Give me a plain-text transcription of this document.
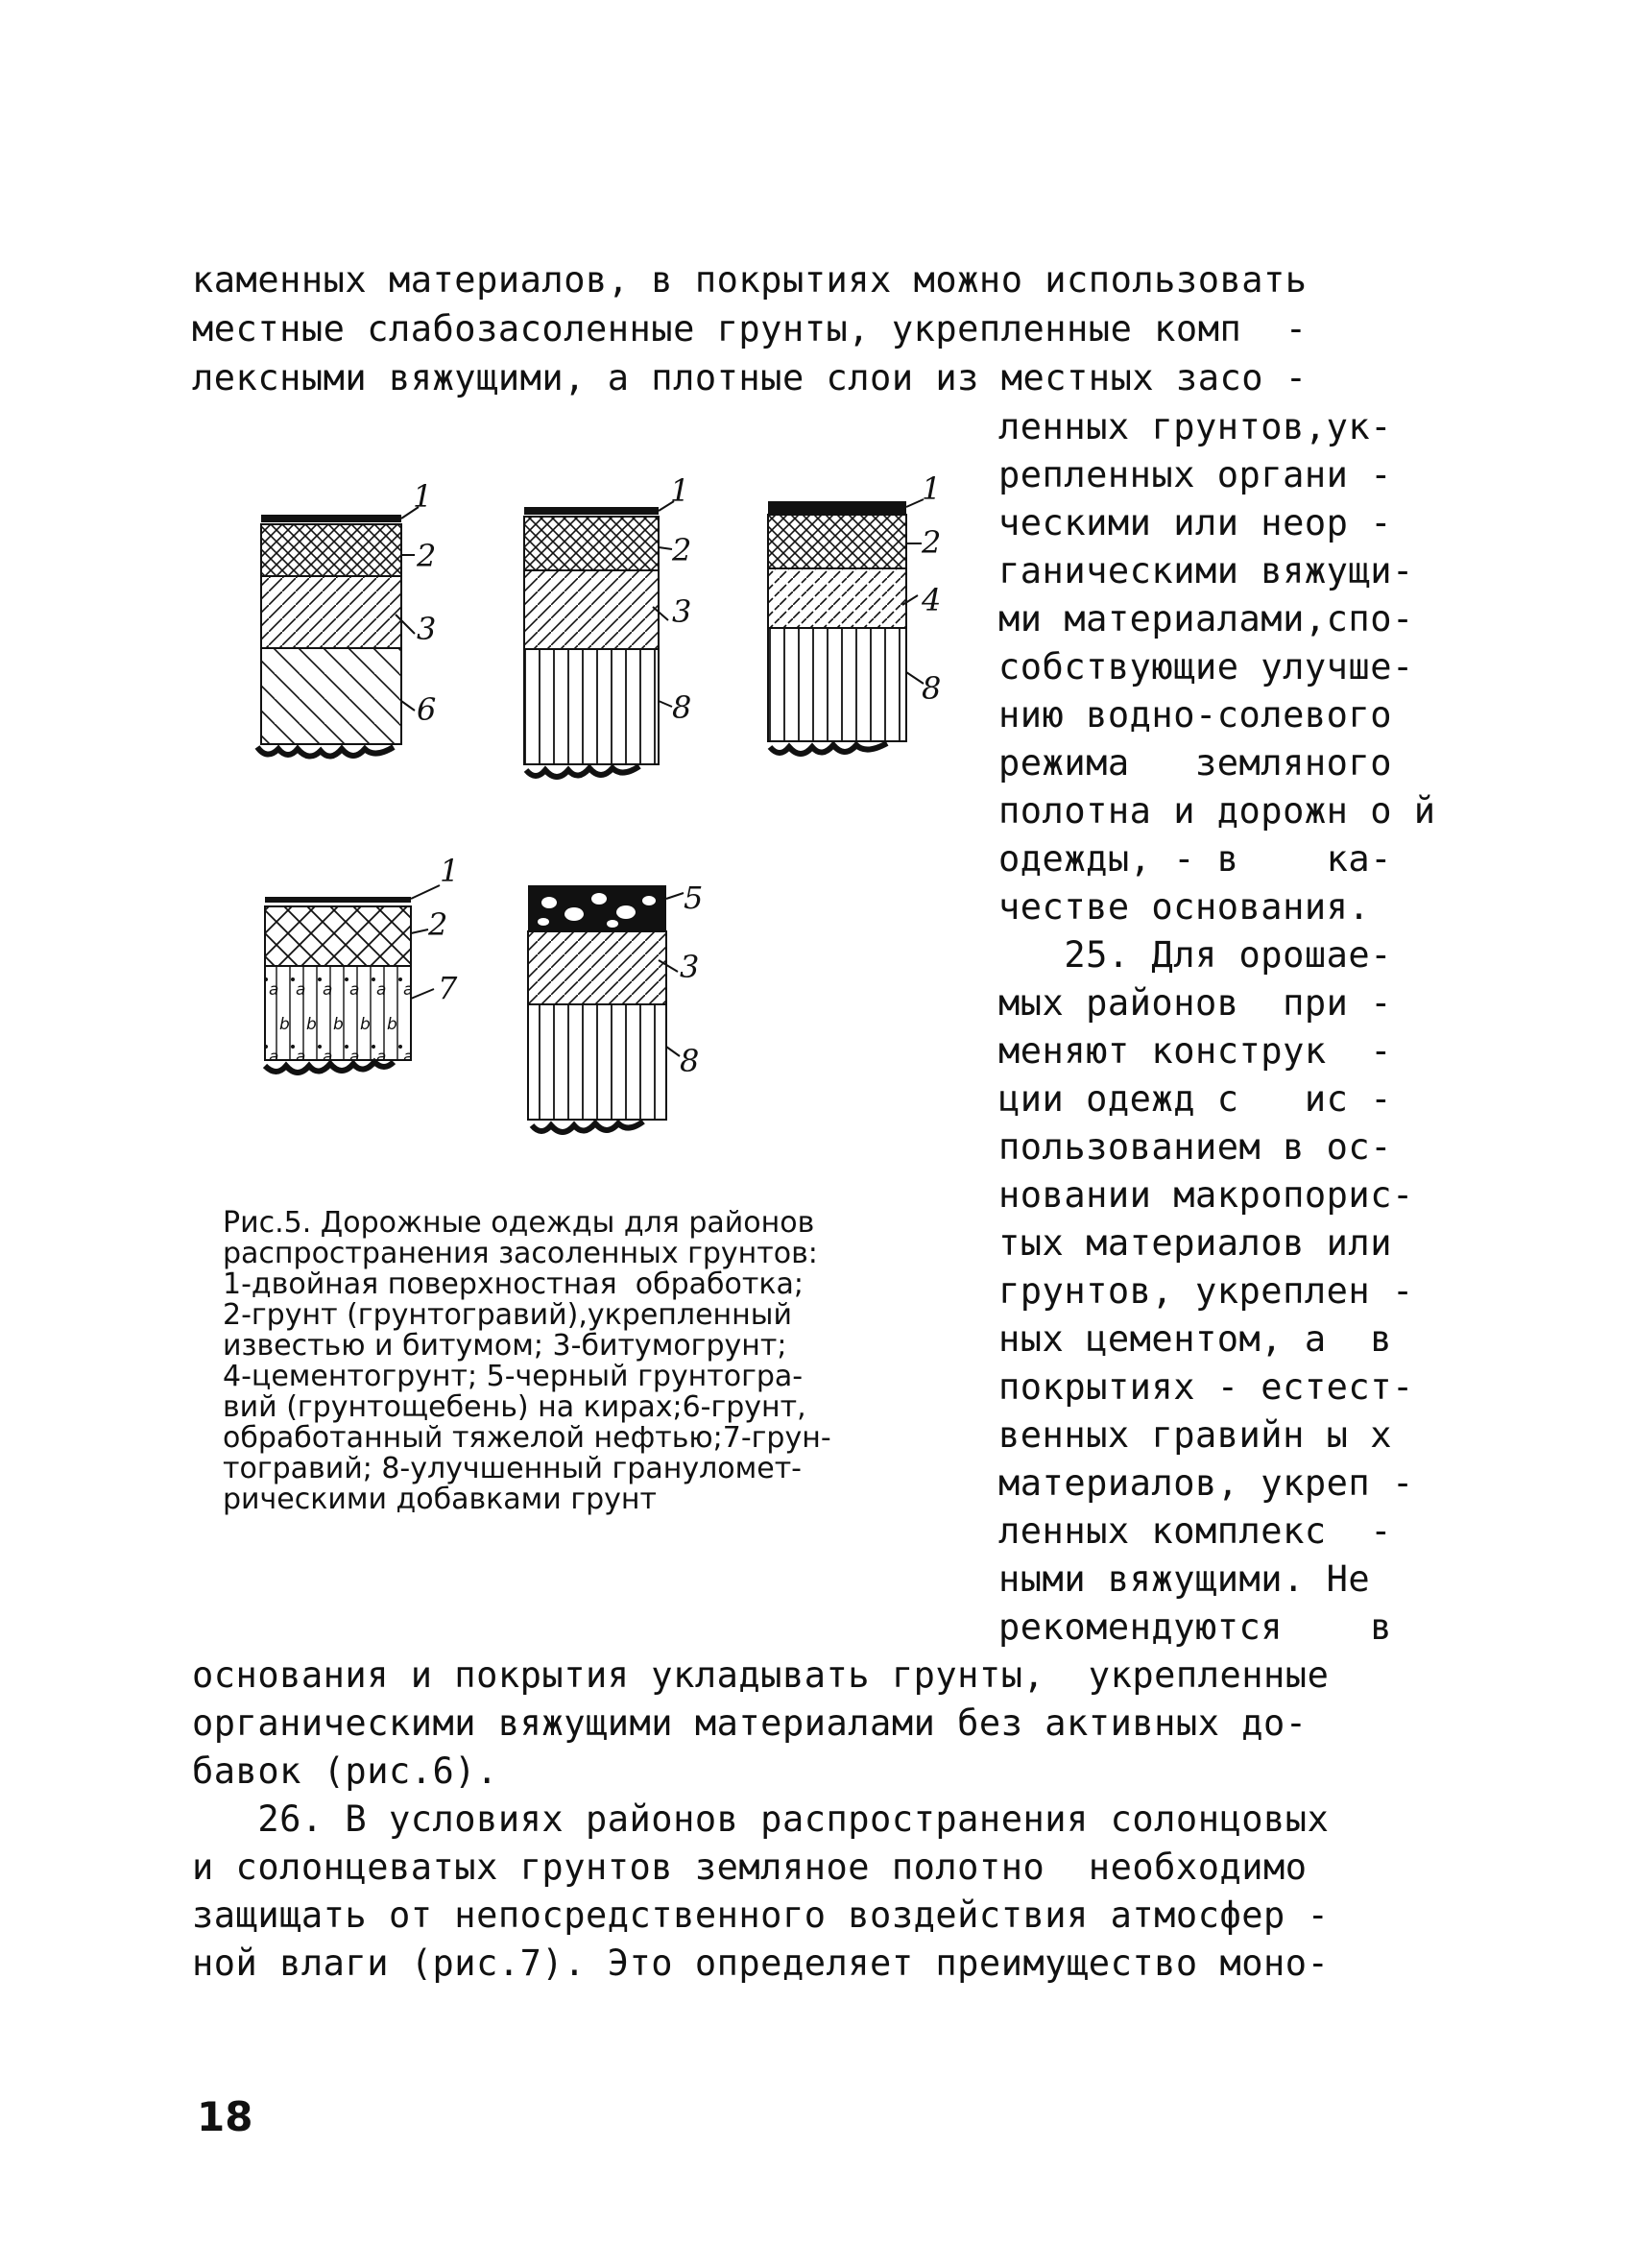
каменных материалов, в покрытиях можно использовать
местные слабозасоленные грунты, укрепленные комп  -
лексными вяжущими, а плотные слои из местных засо -
ленных грунтов,ук-
репленных органи -
ческими или неор -
ганическими вяжущи-
ми материалами,спо-
собствующие улучше-
нию водно-солевого
режима   земляного
полотна и дорожн о й
одежды, - в    ка-
честве основания.
25. Для орошае-
мых районов  при -
меняют конструк  -
ции одежд с   ис -
пользованием в ос-
новании макропорис-
тых материалов или
грунтов, укреплен -
ных цементом, а  в
покрытиях - естест-
венных гравийн ы х
материалов, укреп -
ленных комплекс  -
ными вяжущими. Не
рекомендуются    в
основания и покрытия укладывать грунты,  укрепленные
органическими вяжущими материалами без активных до-
бавок (рис.6).
26. В условиях районов распространения солонцовых
и солонцеватых грунтов земляное полотно  необходимо
защищать от непосредственного воздействия атмосфер -
ной влаги (рис.7). Это определяет преимущество моно-
Рис.5. Дорожные одежды для районов
распространения засоленных грунтов:
1-двойная поверхностная  обработка;
2-грунт (грунтогравий),укрепленный
известью и битумом; 3-битумогрунт;
4-цементогрунт; 5-черный грунтогра-
вий (грунтощебень) на кирах;6-грунт,
обработанный тяжелой нефтью;7-грун-
тогравий; 8-улучшенный грануломет-
рическими добавками грунт
1
2
3
6
1
2
3
8
1
2
4
8
1
2
7
5
3
8
18
